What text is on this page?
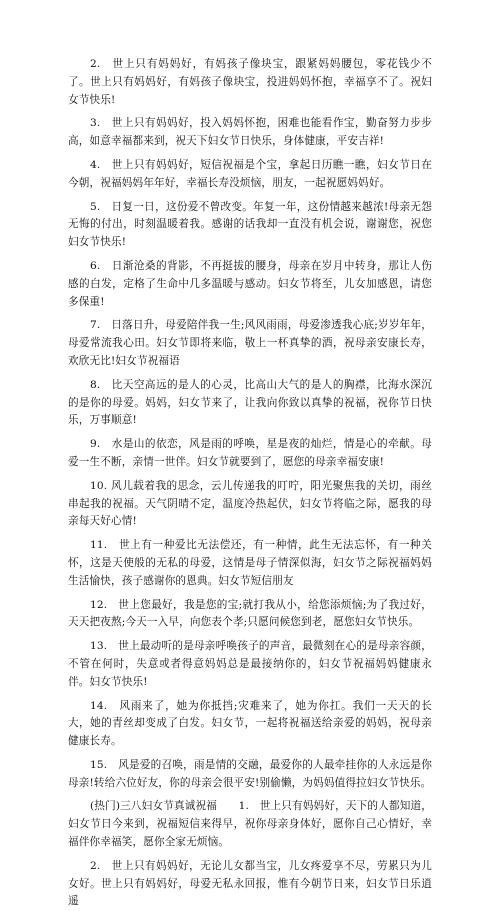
2.　世上只有妈妈好，有妈孩子像块宝，跟紧妈妈腰包，零花钱少不了。世上只有妈妈好，有妈孩子像块宝，投进妈妈怀抱，幸福享不了。祝妇女节快乐!

3.　世上只有妈妈好，投入妈妈怀抱，困难也能看作宝，勤奋努力步步高，如意幸福都来到，祝天下妇女节日快乐，身体健康，平安吉祥!

4.　世上只有妈妈好，短信祝福是个宝，拿起日历瞧一瞧，妇女节日在今朝，祝福妈妈年年好，幸福长寿没烦恼，朋友，一起祝愿妈妈好。

5.　日复一日，这份爱不曾改变。年复一年，这份情越来越浓!母亲无怨无悔的付出，时刻温暖着我。感谢的话我却一直没有机会说，谢谢您，祝您妇女节快乐!

6.　日渐沧桑的背影，不再挺拔的腰身，母亲在岁月中转身，那让人伤感的白发，定格了生命中几多温暖与感动。妇女节将至，儿女加感恩，请您多保重!

7.　日落日升，母爱陪伴我一生;风风雨雨，母爱渗透我心底;岁岁年年，母爱常流我心田。妇女节即将来临，敬上一杯真挚的酒，祝母亲安康长寿，欢欣无比!妇女节祝福语

8.　比天空高远的是人的心灵，比高山大气的是人的胸襟，比海水深沉的是你的母爱。妈妈，妇女节来了，让我向你致以真挚的祝福，祝你节日快乐，万事顺意!

9.　水是山的依恋，风是雨的呼唤，星是夜的灿烂，情是心的牵献。母爱一生不断，亲情一世伴。妇女节就要到了，愿您的母亲幸福安康!

10. 风儿载着我的思念，云儿传递我的叮咛，阳光聚焦我的关切，雨丝串起我的祝福。天气阴晴不定，温度冷热起伏，妇女节将临之际，愿我的母亲每天好心情!

11.　世上有一种爱比无法偿还，有一种情，此生无法忘怀，有一种关怀，这是天使般的无私的母爱，这情是母子情深似海，妇女节之际祝福妈妈生活愉快，孩子感谢你的恩典。妇女节短信朋友

12.　世上您最好，我是您的宝;就打我从小，给您添烦恼;为了我过好，天天把夜熬;今天一入早，向您表个孝;只愿问候您到老，愿您妇女节快乐。

13.　世上最动听的是母亲呼唤孩子的声音，最微刻在心的是母亲容颜，不管在何时，失意或者得意妈妈总是最接纳你的，妇女节祝福妈妈健康永伴。妇女节快乐!

14.　风雨来了，她为你抵挡;灾难来了，她为你扛。我们一天天的长大，她的青丝却变成了白发。妇女节，一起将祝福送给亲爱的妈妈，祝母亲健康长寿。

15.　风是爱的召唤，雨是情的交融，最爱你的人最牵挂你的人永远是你母亲!转给六位好友，你的母亲会很平安!别偷懒，为妈妈值得拉妇女节快乐。

(热门)三八妇女节真诚祝福　　1.　世上只有妈妈好，天下的人都知道，妇女节日今来到，祝福短信来得早，祝你母亲身体好，愿你自己心情好，幸福伴你幸福笑，愿你全家无烦恼。

2.　世上只有妈妈好，无论儿女都当宝，儿女疼爱享不尽，劳累只为儿女好。世上只有妈妈好，母爱无私永回报，惟有今朝节日来，妇女节日乐逍遥
